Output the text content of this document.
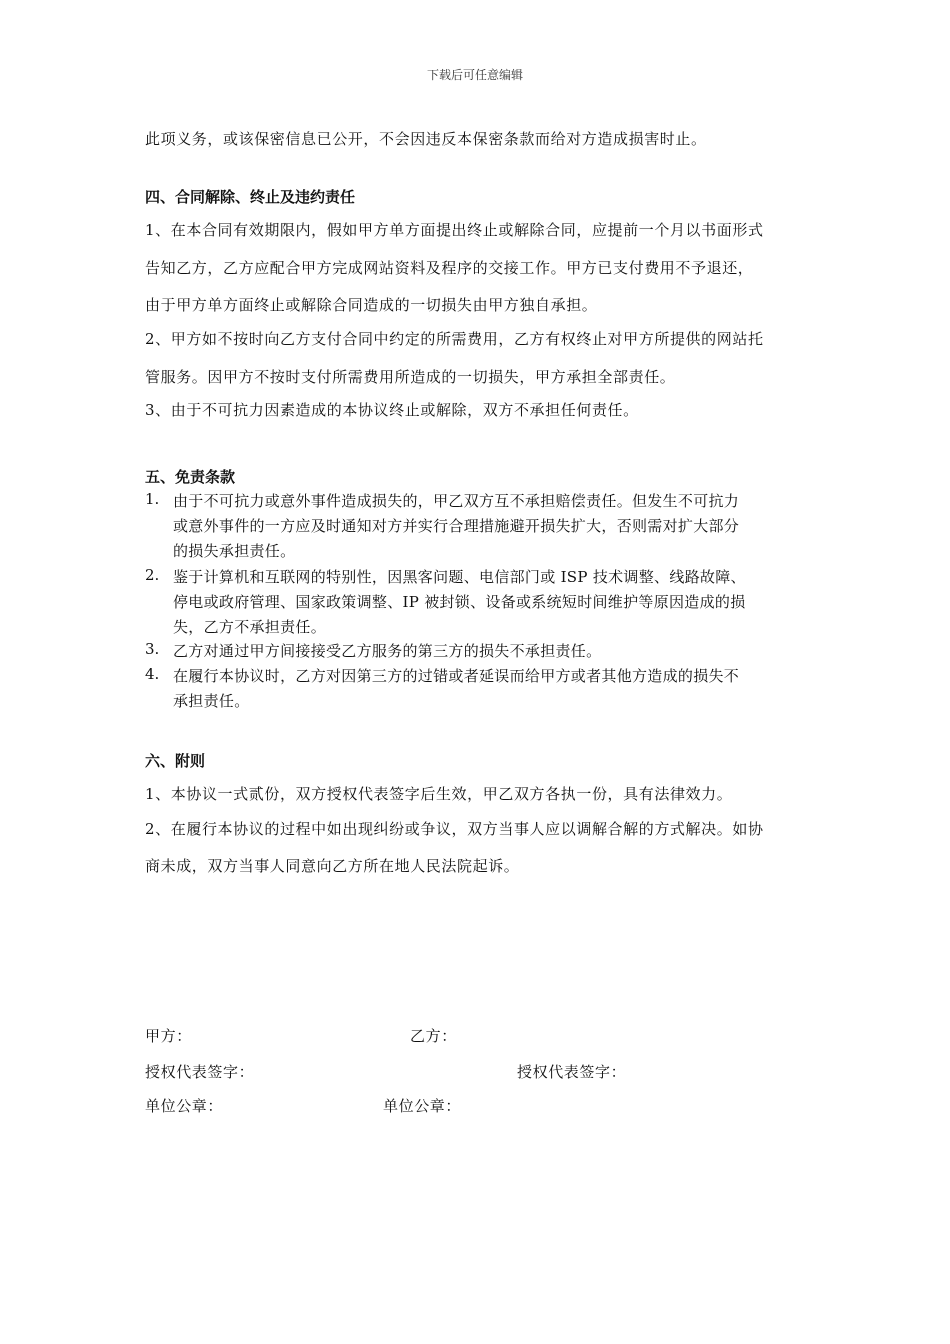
下载后可任意编辑
此项义务，或该保密信息已公开，不会因违反本保密条款而给对方造成损害时止。
四、合同解除、终止及违约责任
1、在本合同有效期限内，假如甲方单方面提出终止或解除合同，应提前一个月以书面形式
告知乙方，乙方应配合甲方完成网站资料及程序的交接工作。甲方已支付费用不予退还，
由于甲方单方面终止或解除合同造成的一切损失由甲方独自承担。
2、甲方如不按时向乙方支付合同中约定的所需费用，乙方有权终止对甲方所提供的网站托
管服务。因甲方不按时支付所需费用所造成的一切损失，甲方承担全部责任。
3、由于不可抗力因素造成的本协议终止或解除，双方不承担任何责任。
五、免责条款
1. 由于不可抗力或意外事件造成损失的，甲乙双方互不承担赔偿责任。但发生不可抗力
或意外事件的一方应及时通知对方并实行合理措施避开损失扩大，否则需对扩大部分
的损失承担责任。
2. 鉴于计算机和互联网的特别性，因黑客问题、电信部门或 ISP 技术调整、线路故障、
停电或政府管理、国家政策调整、IP 被封锁、设备或系统短时间维护等原因造成的损
失，乙方不承担责任。
3. 乙方对通过甲方间接接受乙方服务的第三方的损失不承担责任。
4. 在履行本协议时，乙方对因第三方的过错或者延误而给甲方或者其他方造成的损失不
承担责任。
六、附则
1、本协议一式贰份，双方授权代表签字后生效，甲乙双方各执一份，具有法律效力。
2、在履行本协议的过程中如出现纠纷或争议，双方当事人应以调解合解的方式解决。如协
商未成，双方当事人同意向乙方所在地人民法院起诉。
甲方：	乙方：
授权代表签字：	授权代表签字：
单位公章：	单位公章：
